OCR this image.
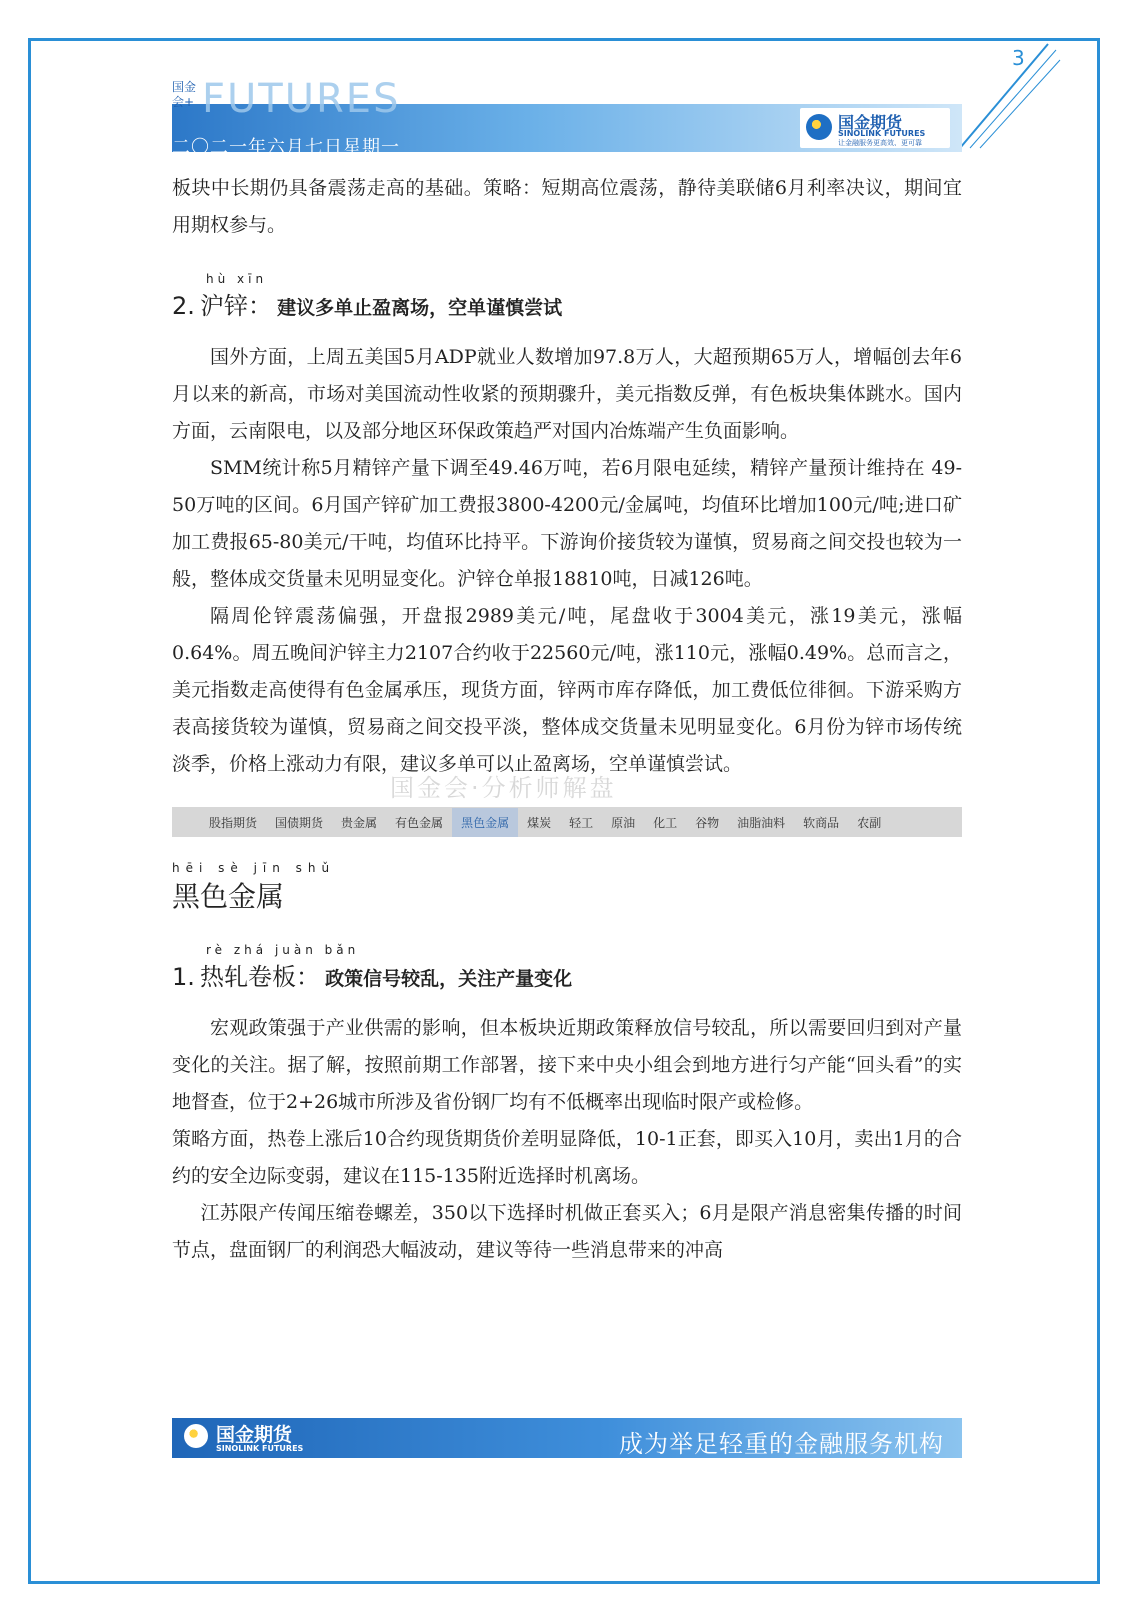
3
FUTURES
国金
会+
二〇二一年六月七日星期一
国金期货
SINOLINK FUTURES
让金融服务更高效、更可靠
国金会·分析师解盘

板块中长期仍具备震荡走高的基础。策略：短期高位震荡，静待美联储6月利率决议，期间宜用期权参与。

hù xīn
2. 沪锌： 建议多单止盈离场，空单谨慎尝试

国外方面，上周五美国5月ADP就业人数增加97.8万人，大超预期65万人，增幅创去年6月以来的新高，市场对美国流动性收紧的预期骤升，美元指数反弹，有色板块集体跳水。国内方面，云南限电，以及部分地区环保政策趋严对国内冶炼端产生负面影响。

SMM统计称5月精锌产量下调至49.46万吨，若6月限电延续，精锌产量预计维持在 49- 50万吨的区间。6月国产锌矿加工费报3800-4200元/金属吨，均值环比增加100元/吨;进口矿加工费报65-80美元/干吨，均值环比持平。下游询价接货较为谨慎，贸易商之间交投也较为一般，整体成交货量未见明显变化。沪锌仓单报18810吨，日减126吨。

隔周伦锌震荡偏强，开盘报2989美元/吨，尾盘收于3004美元，涨19美元，涨幅0.64%。周五晚间沪锌主力2107合约收于22560元/吨，涨110元，涨幅0.49%。总而言之，美元指数走高使得有色金属承压，现货方面，锌两市库存降低，加工费低位徘徊。下游采购方表高接货较为谨慎，贸易商之间交投平淡，整体成交货量未见明显变化。6月份为锌市场传统淡季，价格上涨动力有限，建议多单可以止盈离场，空单谨慎尝试。

股指期货	国债期货	贵金属	有色金属	黑色金属	煤炭	轻工	原油	化工	谷物	油脂油料	软商品	农副
hēi sè jīn shǔ
黑色金属
rè zhá juàn bǎn
1. 热轧卷板： 政策信号较乱，关注产量变化

宏观政策强于产业供需的影响，但本板块近期政策释放信号较乱，所以需要回归到对产量变化的关注。据了解，按照前期工作部署，接下来中央小组会到地方进行匀产能“回头看”的实地督查，位于2+26城市所涉及省份钢厂均有不低概率出现临时限产或检修。

策略方面，热卷上涨后10合约现货期货价差明显降低，10-1正套，即买入10月，卖出1月的合约的安全边际变弱，建议在115-135附近选择时机离场。

江苏限产传闻压缩卷螺差，350以下选择时机做正套买入；6月是限产消息密集传播的时间节点，盘面钢厂的利润恐大幅波动，建议等待一些消息带来的冲高

国金期货
SINOLINK FUTURES	成为举足轻重的金融服务机构
